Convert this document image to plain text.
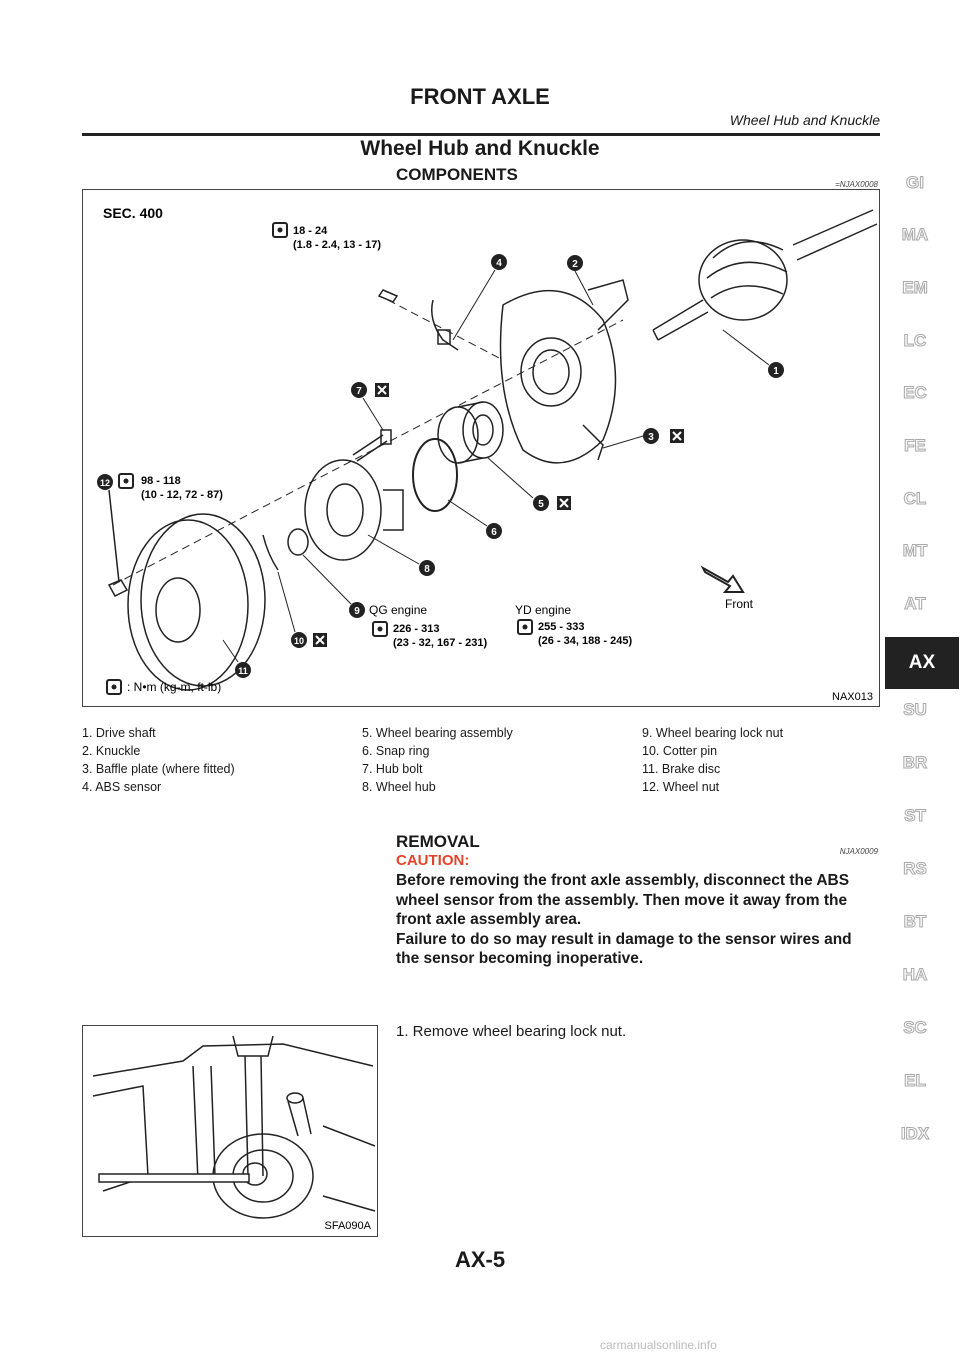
FRONT AXLE
Wheel Hub and Knuckle
Wheel Hub and Knuckle
COMPONENTS
=NJAX0008
SEC. 400
18 - 24
(1.8 - 2.4, 13 - 17)
98 - 118
(10 - 12, 72 - 87)
1
2
3
4
5
6
7
8
9
10
11
12
QG engine
226 - 313
(23 - 32, 167 - 231)
YD engine
255 - 333
(26 - 34, 188 - 245)
Front
: N•m (kg-m, ft-lb)
NAX013
1. Drive shaft
2. Knuckle
3. Baffle plate (where fitted)
4. ABS sensor
5. Wheel bearing assembly
6. Snap ring
7. Hub bolt
8. Wheel hub
9. Wheel bearing lock nut
10. Cotter pin
11. Brake disc
12. Wheel nut
REMOVAL
NJAX0009
CAUTION:
Before removing the front axle assembly, disconnect the ABS
wheel sensor from the assembly. Then move it away from the
front axle assembly area.
Failure to do so may result in damage to the sensor wires and
the sensor becoming inoperative.
SFA090A
1. Remove wheel bearing lock nut.
AX-5
GI
MA
EM
LC
EC
FE
CL
MT
AT
AX
SU
BR
ST
RS
BT
HA
SC
EL
IDX
carmanualsonline.info
